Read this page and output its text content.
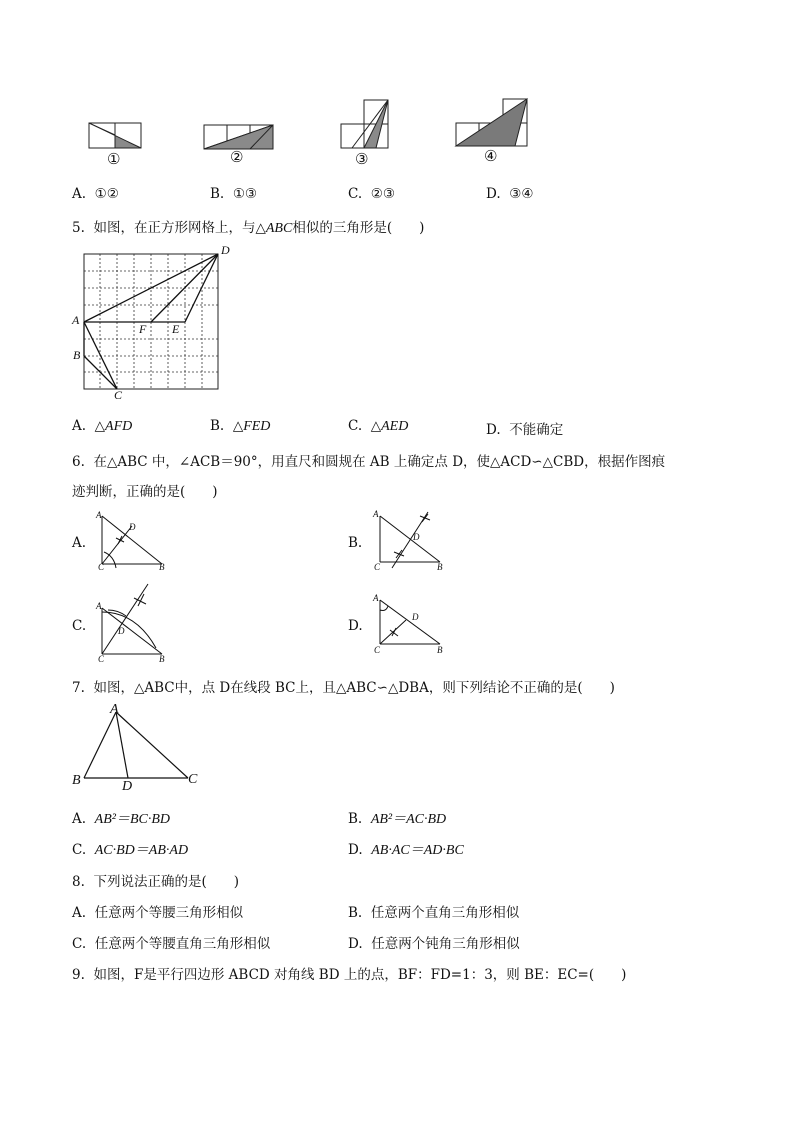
①	②	③	④
A. ①②	B. ①③	C. ②③	D. ③④
5. 如图，在正方形网格上，与△ABC相似的三角形是(　　)
D
A
F E
B
C
A. △AFD	B. △FED	C. △AED	D. 不能确定
6. 在△ABC 中，∠ACB＝90°，用直尺和圆规在 AB 上确定点 D，使△ACD∽△CBD，根据作图痕
迹判断，正确的是(　　)
A.
A
D
C	B
B.
A
D
C	B
C.
A
D
C	B
D.
A
D
C	B
7.  如图，△ABC中，点 D在线段 BC上，且△ABC∽△DBA，则下列结论不正确的是(　　)
A
B	D	C
A. AB²＝BC·BD	B. AB²＝AC·BD
C. AC·BD＝AB·AD	D. AB·AC＝AD·BC
8. 下列说法正确的是(　　)
A. 任意两个等腰三角形相似	B. 任意两个直角三角形相似
C. 任意两个等腰直角三角形相似	D. 任意两个钝角三角形相似
9. 如图，F是平行四边形 ABCD 对角线 BD 上的点，BF：FD=1：3，则 BE：EC=(　　)
